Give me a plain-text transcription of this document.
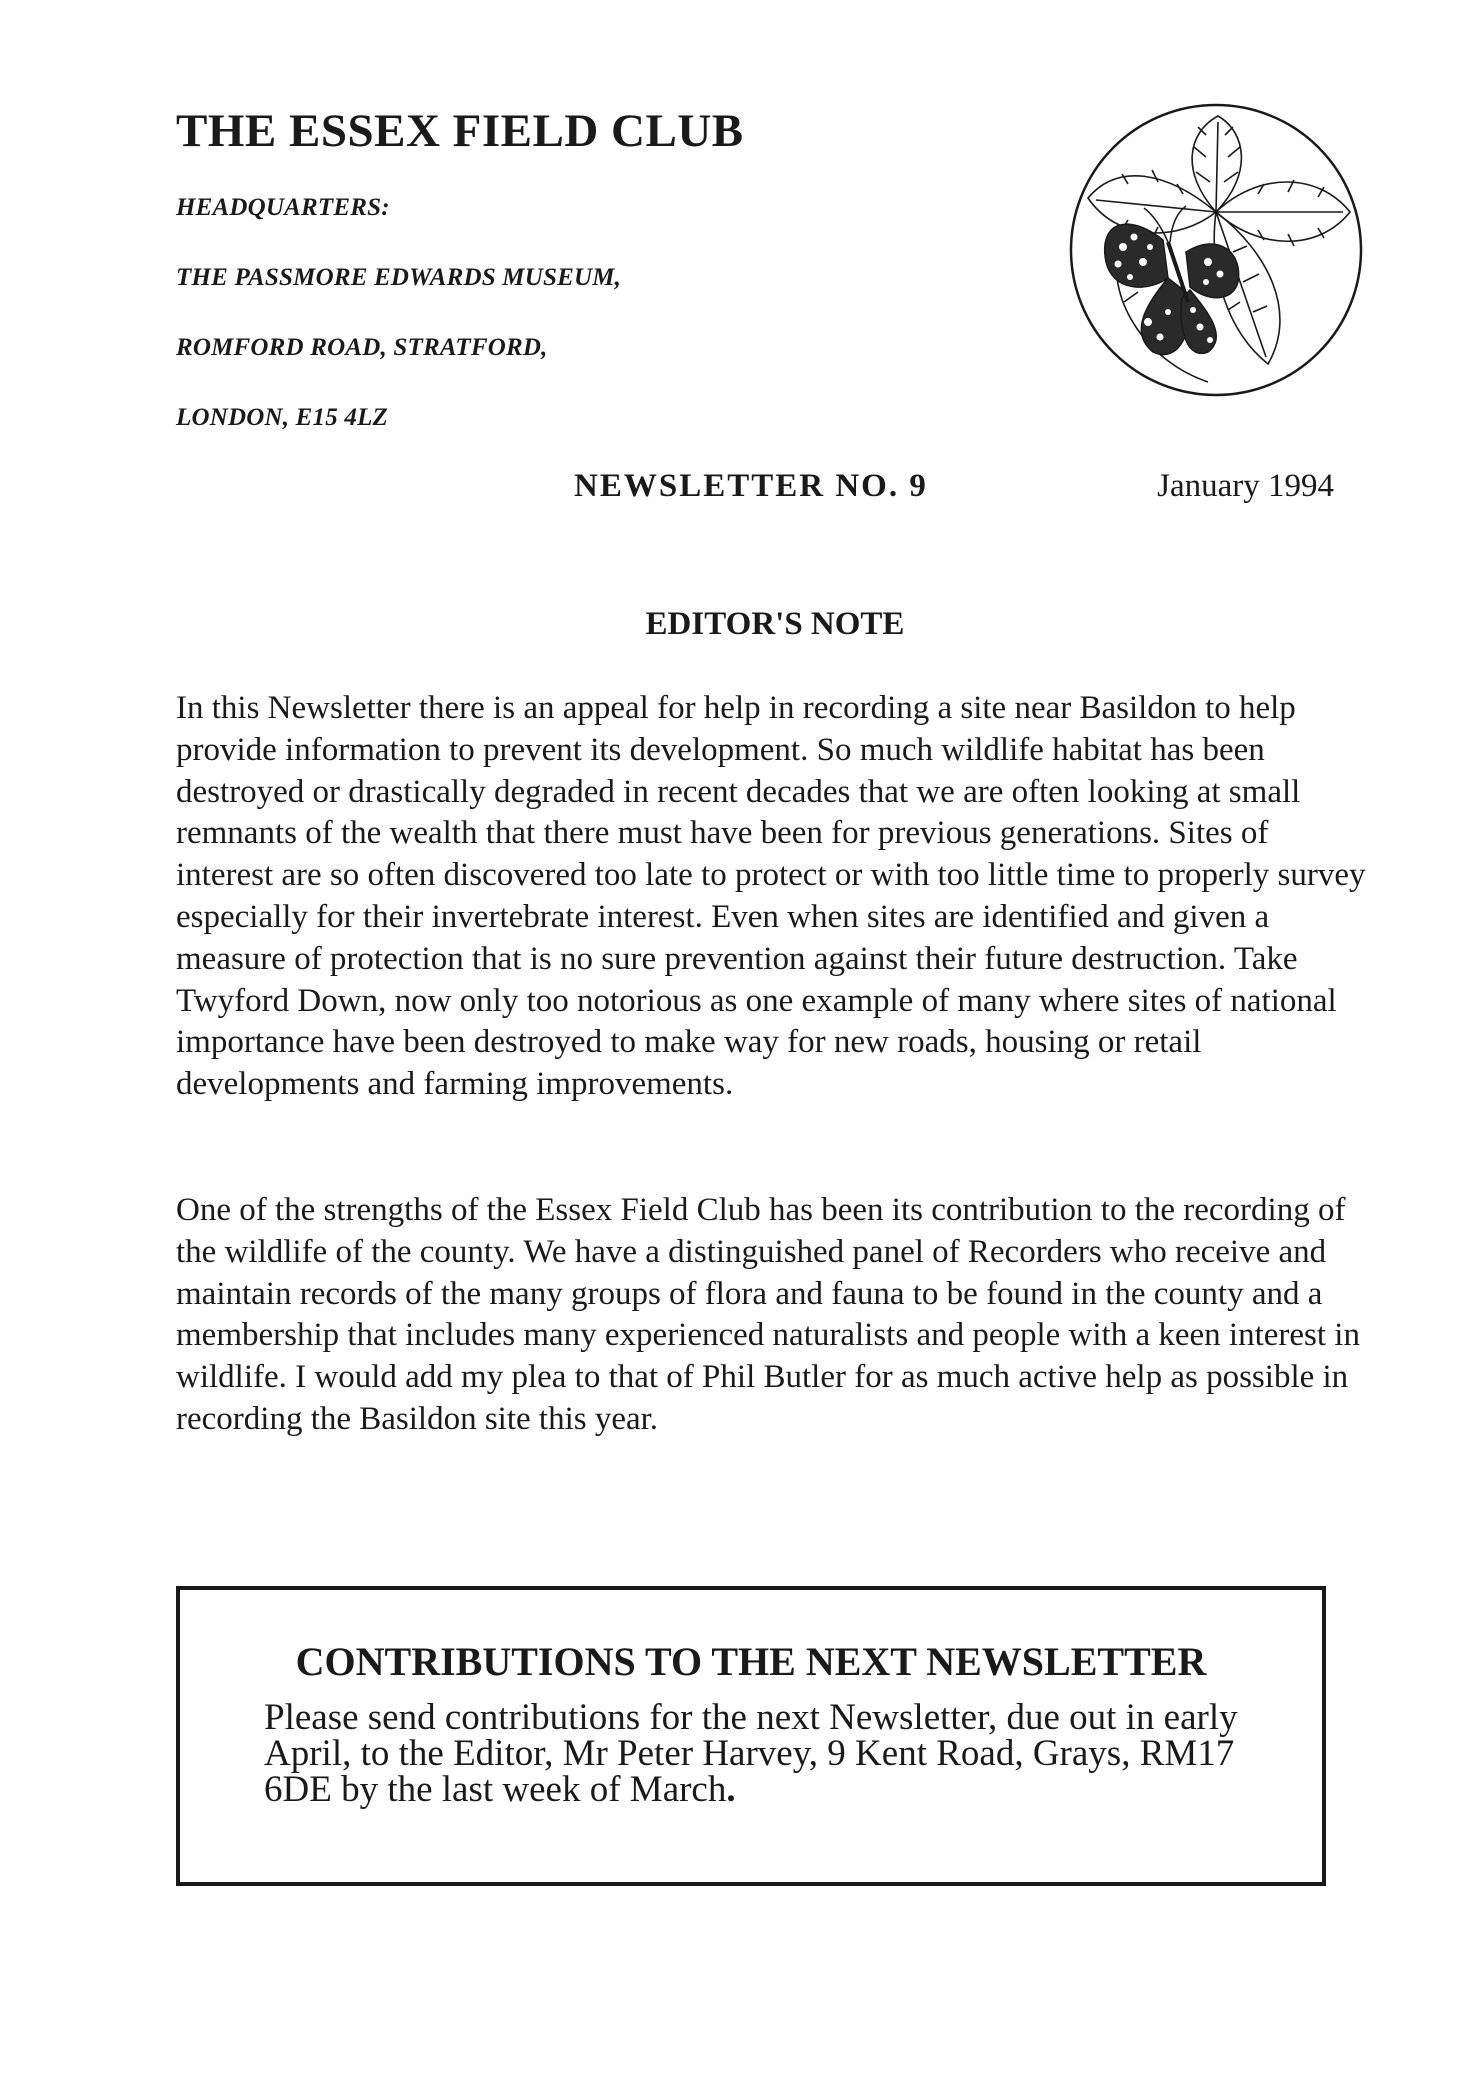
THE ESSEX FIELD CLUB

HEADQUARTERS:

THE PASSMORE EDWARDS MUSEUM,

ROMFORD ROAD, STRATFORD,

LONDON, E15 4LZ

NEWSLETTER NO. 9	January 1994

EDITOR'S NOTE

In this Newsletter there is an appeal for help in recording a site near Basildon to help provide information to prevent its development. So much wildlife habitat has been destroyed or drastically degraded in recent decades that we are often looking at small remnants of the wealth that there must have been for previous generations. Sites of interest are so often discovered too late to protect or with too little time to properly survey especially for their invertebrate interest. Even when sites are identified and given a measure of protection that is no sure prevention against their future destruction. Take Twyford Down, now only too notorious as one example of many where sites of national importance have been destroyed to make way for new roads, housing or retail developments and farming improvements.

One of the strengths of the Essex Field Club has been its contribution to the recording of the wildlife of the county. We have a distinguished panel of Recorders who receive and maintain records of the many groups of flora and fauna to be found in the county and a membership that includes many experienced naturalists and people with a keen interest in wildlife. I would add my plea to that of Phil Butler for as much active help as possible in recording the Basildon site this year.

CONTRIBUTIONS TO THE NEXT NEWSLETTER

Please send contributions for the next Newsletter, due out in early April, to the Editor, Mr Peter Harvey, 9 Kent Road, Grays, RM17 6DE by the last week of March.
